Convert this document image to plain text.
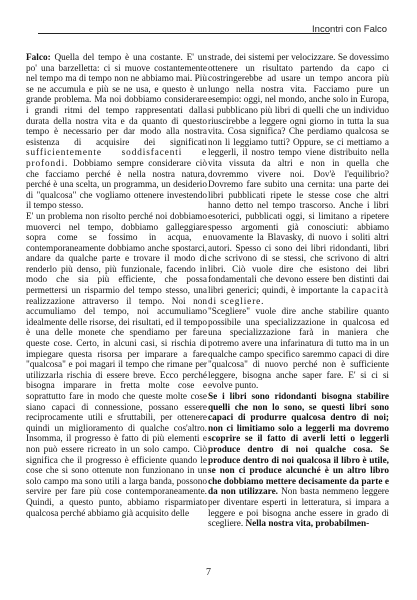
Incontri con Falco

Falco: Quella del tempo è una costante. E' un po' una barzelletta: ci si muove costantemente nel tempo ma di tempo non ne abbiamo mai. Più se ne accumula e più se ne usa, e questo è un grande problema. Ma noi dobbiamo considerare i grandi ritmi del tempo rappresentati dalla durata della nostra vita e da quanto di questo tempo è necessario per dar modo alla nostra esistenza di acquisire dei significati sufficientemente soddisfacenti e profondi. Dobbiamo sempre considerare ciò che facciamo perché è nella nostra natura, perché è una scelta, un programma, un desiderio di "qualcosa" che vogliamo ottenere investendo il tempo stesso.

E' un problema non risolto perché noi dobbiamo muoverci nel tempo, dobbiamo galleggiare sopra come se fossimo in acqua, e contemporaneamente dobbiamo anche spostarci, andare da qualche parte e trovare il modo di renderlo più denso, più funzionale, facendo in modo che sia più efficiente, che possa permettersi un risparmio del tempo stesso, una realizzazione attraverso il tempo. Noi non accumuliamo del tempo, noi accumuliamo idealmente delle risorse, dei risultati, ed il tempo è una delle monete che spendiamo per fare queste cose. Certo, in alcuni casi, si rischia di impiegare questa risorsa per imparare a fare "qualcosa" e poi magari il tempo che rimane per utilizzarla rischia di essere breve. Ecco perché bisogna imparare in fretta molte cose e soprattutto fare in modo che queste molte cose siano capaci di connessione, possano essere reciprocamente utili e sfruttabili, per ottenere quindi un miglioramento di qualche cos'altro. Insomma, il progresso è fatto di più elementi e non può essere ricreato in un solo campo. Ciò significa che il progresso è efficiente quando le cose che si sono ottenute non funzionano in un solo campo ma sono utili a larga banda, possono servire per fare più cose contemporaneamente. Quindi, a questo punto, abbiamo risparmiato qualcosa perché abbiamo già acquisito delle

strade, dei sistemi per velocizzare. Se dovessimo ottenere un risultato partendo da capo ci costringerebbe ad usare un tempo ancora più lungo nella nostra vita. Facciamo pure un esempio: oggi, nel mondo, anche solo in Europa, si pubblicano più libri di quelli che un individuo riuscirebbe a leggere ogni giorno in tutta la sua vita. Cosa significa? Che perdiamo qualcosa se non li leggiamo tutti? Oppure, se ci mettiamo a leggerli, il nostro tempo viene distribuito nella vita vissuta da altri e non in quella che dovremmo vivere noi. Dov'è l'equilibrio? Dovremo fare subito una cernita: una parte dei libri pubblicati ripete le stesse cose che altri hanno detto nel tempo trascorso. Anche i libri esoterici, pubblicati oggi, si limitano a ripetere spesso argomenti già conosciuti: abbiamo nuovamente la Blavasky, di nuovo i soliti altri autori. Spesso ci sono dei libri ridondanti, libri che scrivono di se stessi, che scrivono di altri libri. Ciò vuole dire che esistono dei libri fondamentali che devono essere ben distinti dai libri generici; quindi, è importante la capacità di scegliere.

"Scegliere" vuole dire anche stabilire quanto possibile una specializzazione in qualcosa ed una specializzazione farà in maniera che potremo avere una infarinatura di tutto ma in un qualche campo specifico saremmo capaci di dire "qualcosa" di nuovo perché non è sufficiente leggere, bisogna anche saper fare. E' si ci si evolve punto.

Se i libri sono ridondanti bisogna stabilire quelli che non lo sono, se questi libri sono capaci di produrre qualcosa dentro di noi; non ci limitiamo solo a leggerli ma dovremo scoprire se il fatto di averli letti o leggerli produce dentro di noi qualche cosa. Se produce dentro di noi qualcosa il libro è utile, se non ci produce alcunché è un altro libro che dobbiamo mettere decisamente da parte e da non utilizzare. Non basta nemmeno leggere per diventare esperti in letteratura, si impara a leggere e poi bisogna anche essere in grado di scegliere. Nella nostra vita, probabilmen-

7
